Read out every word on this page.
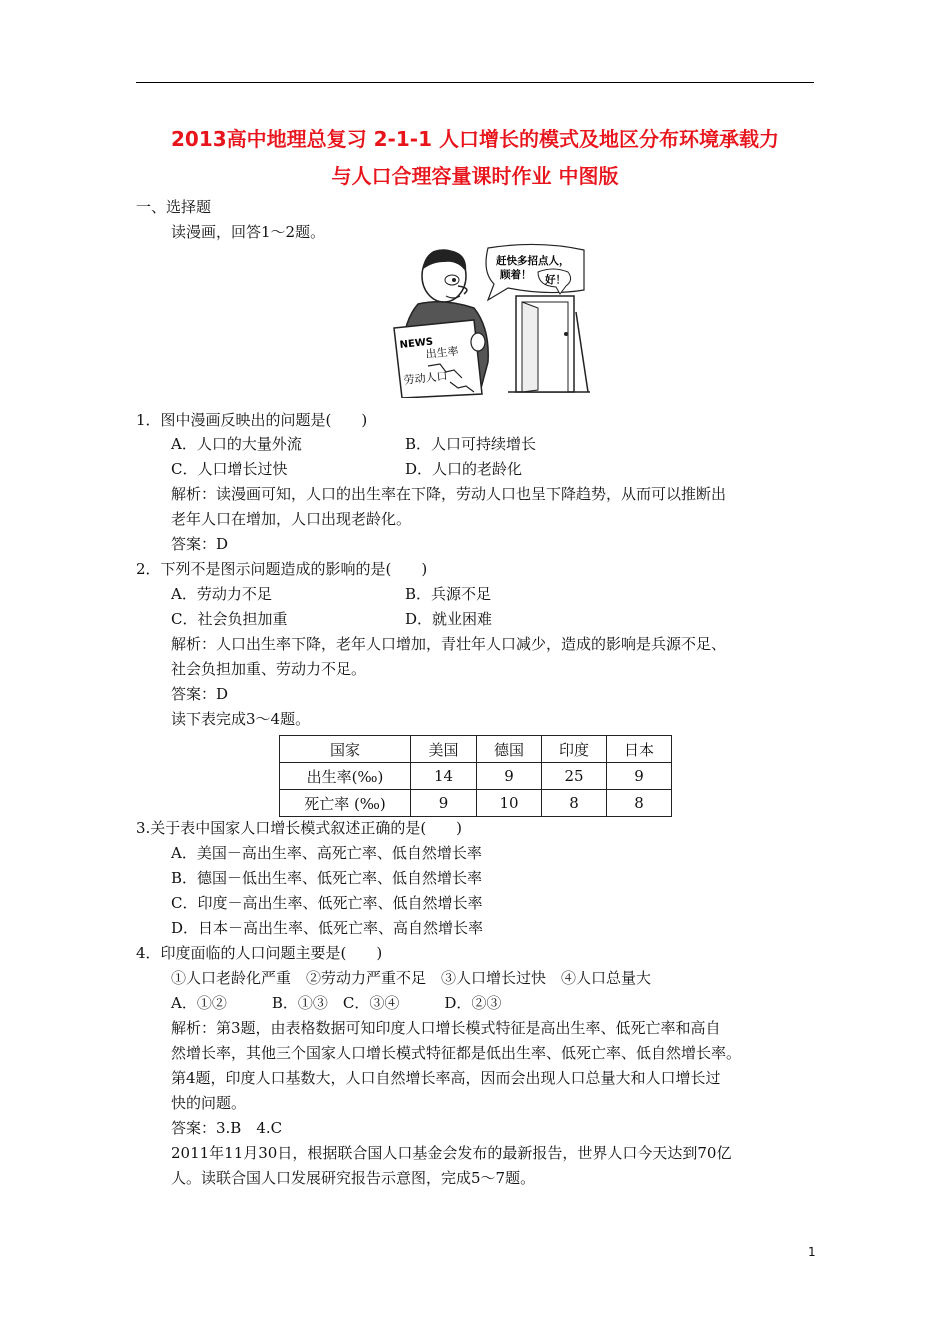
2013高中地理总复习 2-1-1 人口增长的模式及地区分布环境承载力
与人口合理容量课时作业 中图版
一、选择题
读漫画，回答1～2题。
赶快多招点人，
顾着！ 好！
NEWS
出生率
劳动人口
1．图中漫画反映出的问题是(　　)
A．人口的大量外流	B．人口可持续增长
C．人口增长过快	D．人口的老龄化
解析：读漫画可知，人口的出生率在下降，劳动人口也呈下降趋势，从而可以推断出
老年人口在增加，人口出现老龄化。
答案：D
2．下列不是图示问题造成的影响的是(　　)
A．劳动力不足	B．兵源不足
C．社会负担加重	D．就业困难
解析：人口出生率下降，老年人口增加，青壮年人口减少，造成的影响是兵源不足、
社会负担加重、劳动力不足。
答案：D
读下表完成3～4题。
国家	美国	德国	印度	日本
出生率(‰)	14	9	25	9
死亡率 (‰)	9	10	8	8
3.关于表中国家人口增长模式叙述正确的是(　　)
A．美国－高出生率、高死亡率、低自然增长率
B．德国－低出生率、低死亡率、低自然增长率
C．印度－高出生率、低死亡率、低自然增长率
D．日本－高出生率、低死亡率、高自然增长率
4．印度面临的人口问题主要是(　　)
①人口老龄化严重　②劳动力严重不足　③人口增长过快　④人口总量大
A．①②　　　B．①③　C．③④　　　D．②③
解析：第3题，由表格数据可知印度人口增长模式特征是高出生率、低死亡率和高自
然增长率，其他三个国家人口增长模式特征都是低出生率、低死亡率、低自然增长率。
第4题，印度人口基数大，人口自然增长率高，因而会出现人口总量大和人口增长过
快的问题。
答案：3.B　4.C
2011年11月30日，根据联合国人口基金会发布的最新报告，世界人口今天达到70亿
人。读联合国人口发展研究报告示意图，完成5～7题。
1
